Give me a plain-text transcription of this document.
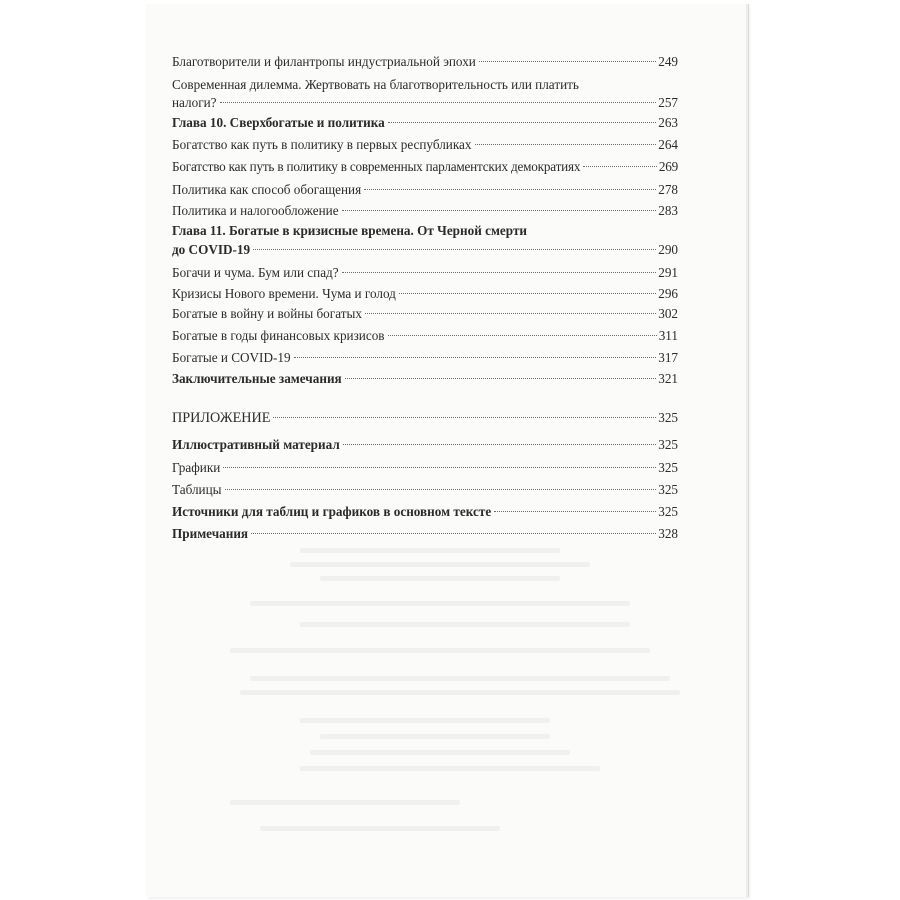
Благотворители и филантропы индустриальной эпохи	249
Современная дилемма. Жертвовать на благотворительность или платить
налоги?	257
Глава 10. Сверхбогатые и политика	263
Богатство как путь в политику в первых республиках	264
Богатство как путь в политику в современных парламентских демократиях	269
Политика как способ обогащения	278
Политика и налогообложение	283
Глава 11. Богатые в кризисные времена. От Черной смерти
до COVID-19	290
Богачи и чума. Бум или спад?	291
Кризисы Нового времени. Чума и голод	296
Богатые в войну и войны богатых	302
Богатые в годы финансовых кризисов	311
Богатые и COVID-19	317
Заключительные замечания	321
ПРИЛОЖЕНИЕ	325
Иллюстративный материал	325
Графики	325
Таблицы	325
Источники для таблиц и графиков в основном тексте	325
Примечания	328
